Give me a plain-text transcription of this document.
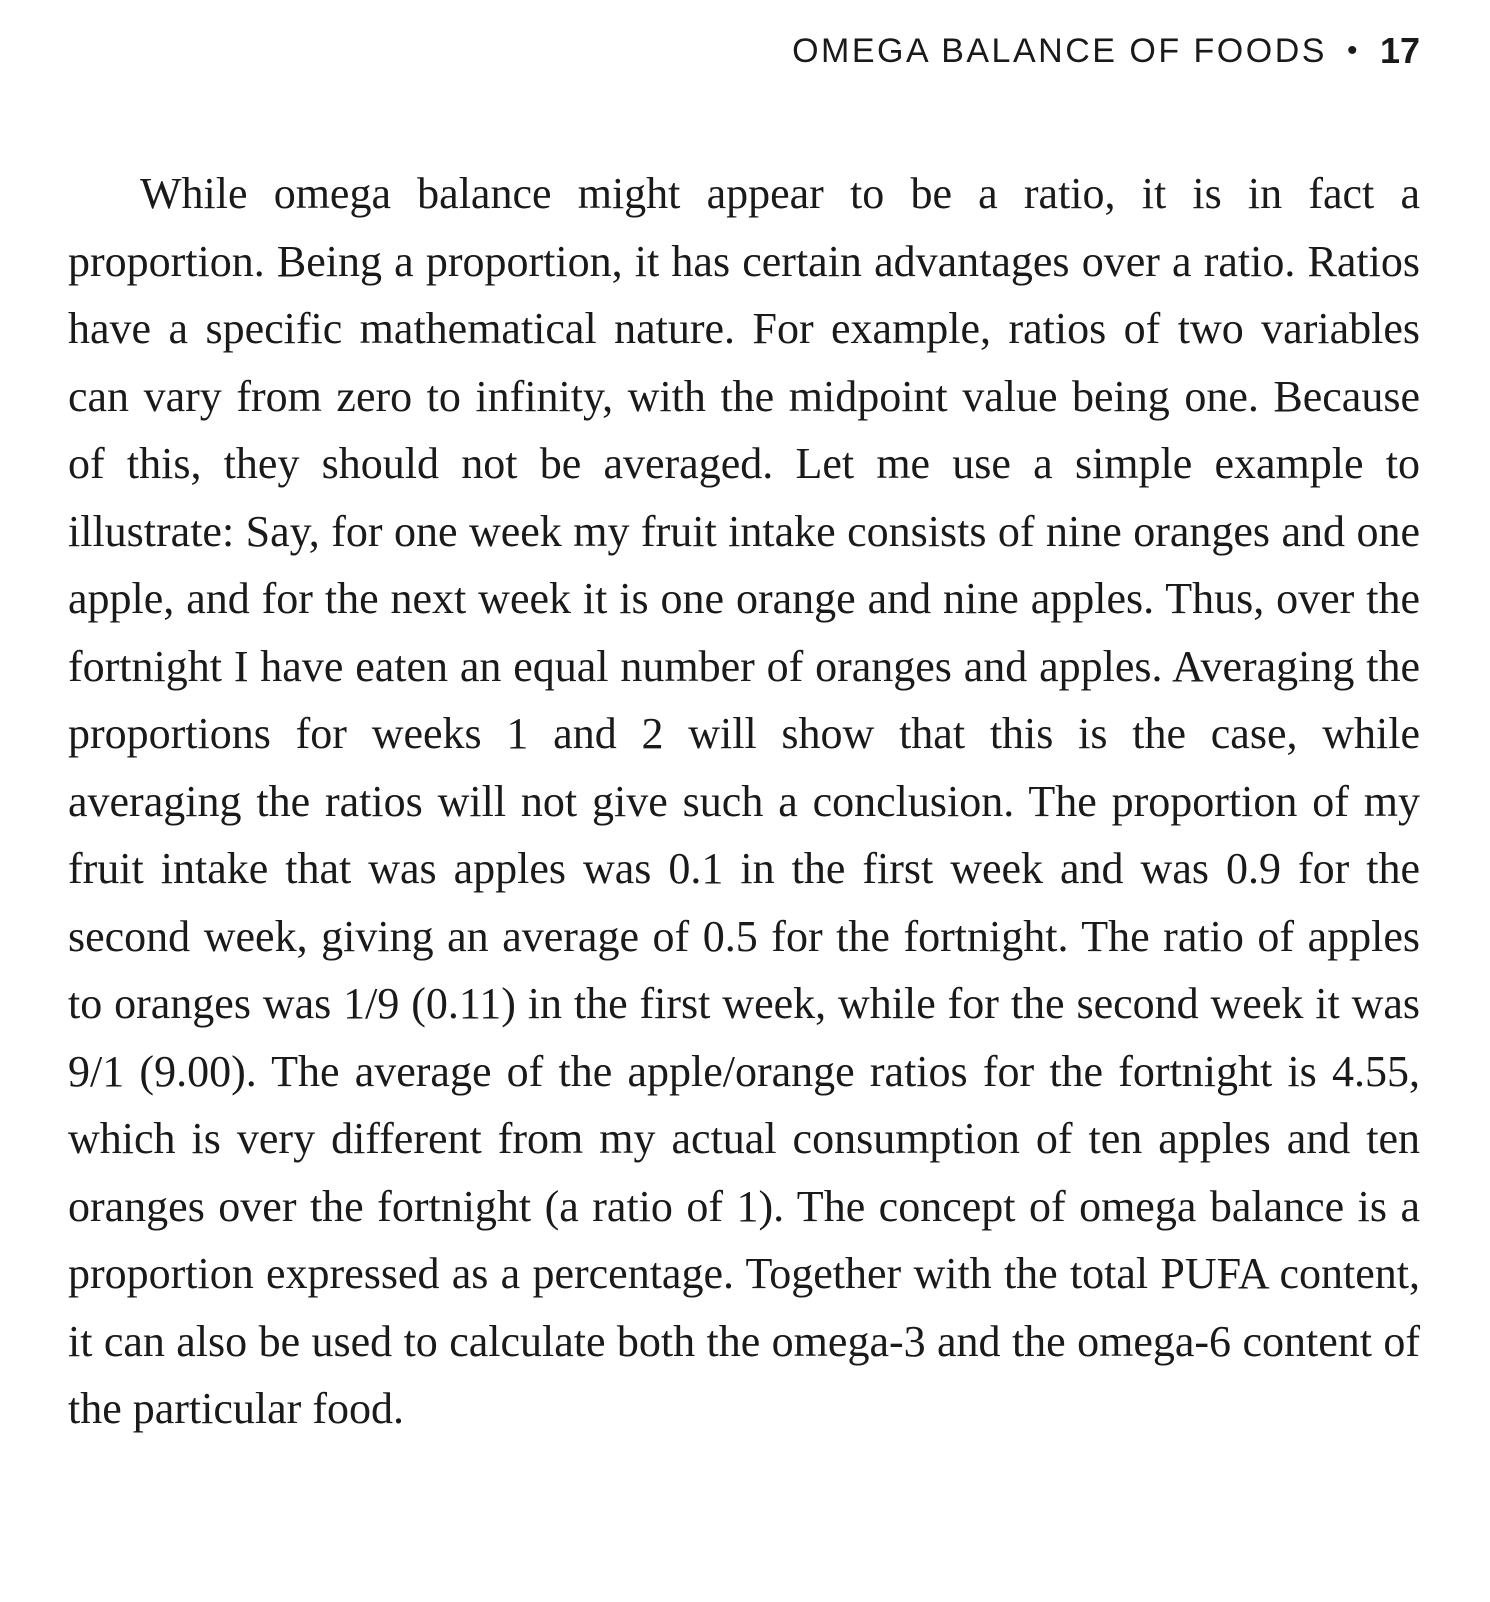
OMEGA BALANCE OF FOODS • 17

While omega balance might appear to be a ratio, it is in fact a proportion. Being a proportion, it has certain advantages over a ratio. Ratios have a specific mathematical nature. For example, ratios of two variables can vary from zero to infinity, with the midpoint value being one. Because of this, they should not be averaged. Let me use a simple example to illustrate: Say, for one week my fruit intake consists of nine oranges and one apple, and for the next week it is one orange and nine apples. Thus, over the fortnight I have eaten an equal number of oranges and apples. Averaging the proportions for weeks 1 and 2 will show that this is the case, while averaging the ratios will not give such a conclusion. The proportion of my fruit intake that was apples was 0.1 in the first week and was 0.9 for the second week, giving an average of 0.5 for the fortnight. The ratio of apples to oranges was 1/9 (0.11) in the first week, while for the second week it was 9/1 (9.00). The average of the apple/orange ratios for the fortnight is 4.55, which is very different from my actual consumption of ten apples and ten oranges over the fortnight (a ratio of 1). The concept of omega balance is a proportion expressed as a percentage. Together with the total PUFA content, it can also be used to calculate both the omega-3 and the omega-6 content of the particular food.
